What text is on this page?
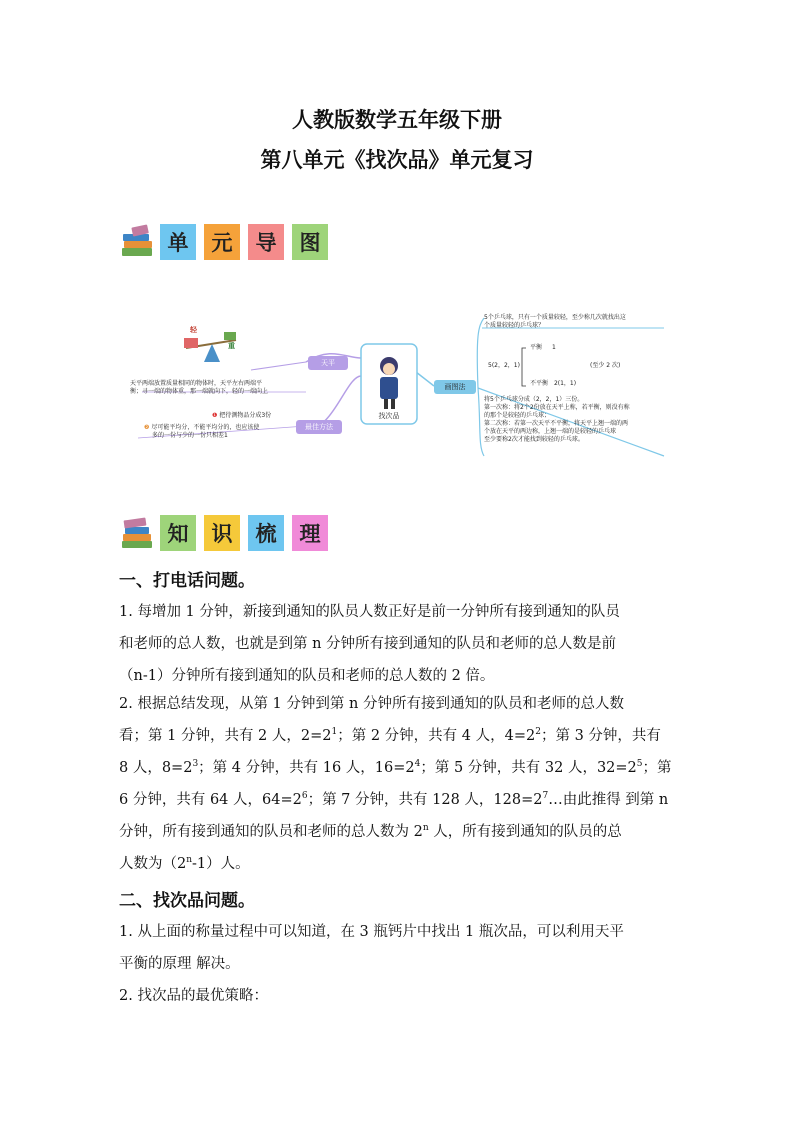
人教版数学五年级下册
第八单元《找次品》单元复习
单	元	导	图
轻
重
天平两端放置质量相同的物体时，天平左右两端平
衡；寻一端的物体重，那一端就向下，轻的一端向上
天平
最佳方法
找次品
画图法
❶ 把待测物品分成3份
❷ 尽可能平均分，不能平均分的，也应该使
多的一份与少的一份只相差1
5个乒乓球，只有一个质量较轻，至少称几次就找出这
个质量较轻的乒乓球？
5(2，2，1)
平衡 1
(至少 2 次)
不平衡 2(1，1)
将5个乒乓球分成（2，2，1）三份。
第一次称：将2个2份放在天平上称，若平衡，则没有称
的那个是较轻的乒乓球；
第二次称：若第一次天平不平衡，将天平上翘一端的两
个放在天平的两边称，上翘一端的是较轻的乒乓球
至少要称2次才能找到较轻的乒乓球。
知	识	梳	理
一、打电话问题。

1. 每增加 1 分钟，新接到通知的队员人数正好是前一分钟所有接到通知的队员

和老师的总人数，也就是到第 n 分钟所有接到通知的队员和老师的总人数是前

（n-1）分钟所有接到通知的队员和老师的总人数的 2 倍。

2. 根据总结发现，从第 1 分钟到第 n 分钟所有接到通知的队员和老师的总人数

看；第 1 分钟，共有 2 人，$2=2^1$；第 2 分钟，共有 4 人，$4=2^2$；第 3 分钟，共有

8 人，$8=2^3$；第 4 分钟，共有 16 人，$16=2^4$；第 5 分钟，共有 32 人，$32=2^5$；第

6 分钟，共有 64 人，$64=2^6$；第 7 分钟，共有 128 人，$128=2^7\dots$由此推得 到第 n

分钟，所有接到通知的队员和老师的总人数为 2$^n$ 人，所有接到通知的队员的总

人数为（2$^n$-1）人。

二、找次品问题。

1. 从上面的称量过程中可以知道，在 3 瓶钙片中找出 1 瓶次品，可以利用天平

平衡的原理 解决。

2. 找次品的最优策略：
